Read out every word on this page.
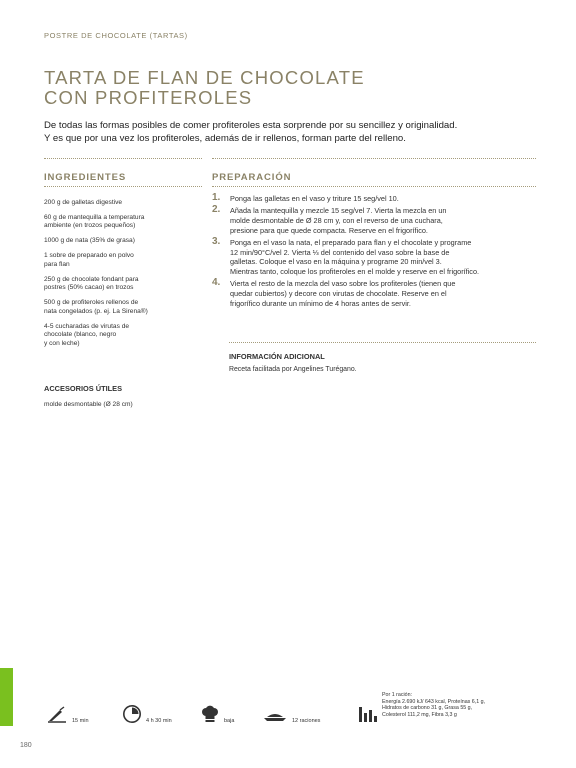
POSTRE DE CHOCOLATE (TARTAS)
TARTA DE FLAN DE CHOCOLATE
CON PROFITEROLES
De todas las formas posibles de comer profiteroles esta sorprende por su sencillez y originalidad.
Y es que por una vez los profiteroles, además de ir rellenos, forman parte del relleno.
INGREDIENTES
200 g de galletas digestive
60 g de mantequilla a temperatura
ambiente (en trozos pequeños)
1000 g de nata (35% de grasa)
1 sobre de preparado en polvo
para flan
250 g de chocolate fondant para
postres (50% cacao) en trozos
500 g de profiteroles rellenos de
nata congelados (p. ej. La Sirena®)
4-5 cucharadas de virutas de
chocolate (blanco, negro
y con leche)
ACCESORIOS ÚTILES
molde desmontable (Ø 28 cm)
PREPARACIÓN
1. Ponga las galletas en el vaso y triture 15 seg/vel 10.
2. Añada la mantequilla y mezcle 15 seg/vel 7. Vierta la mezcla en un
molde desmontable de Ø 28 cm y, con el reverso de una cuchara,
presione para que quede compacta. Reserve en el frigorífico.
3. Ponga en el vaso la nata, el preparado para flan y el chocolate y programe
12 min/90°C/vel 2. Vierta ⅓ del contenido del vaso sobre la base de
galletas. Coloque el vaso en la máquina y programe 20 min/vel 3.
Mientras tanto, coloque los profiteroles en el molde y reserve en el frigorífico.
4. Vierta el resto de la mezcla del vaso sobre los profiteroles (tienen que
quedar cubiertos) y decore con virutas de chocolate. Reserve en el
frigorífico durante un mínimo de 4 horas antes de servir.
INFORMACIÓN ADICIONAL
Receta facilitada por Angelines Turégano.
180
15 min	4 h 30 min	baja	12 raciones
Por 1 ración:
Energía 2.690 kJ/ 643 kcal, Proteínas 6,1 g,
Hidratos de carbono 31 g, Grasa 55 g,
Colesterol 111,2 mg, Fibra 3,3 g
